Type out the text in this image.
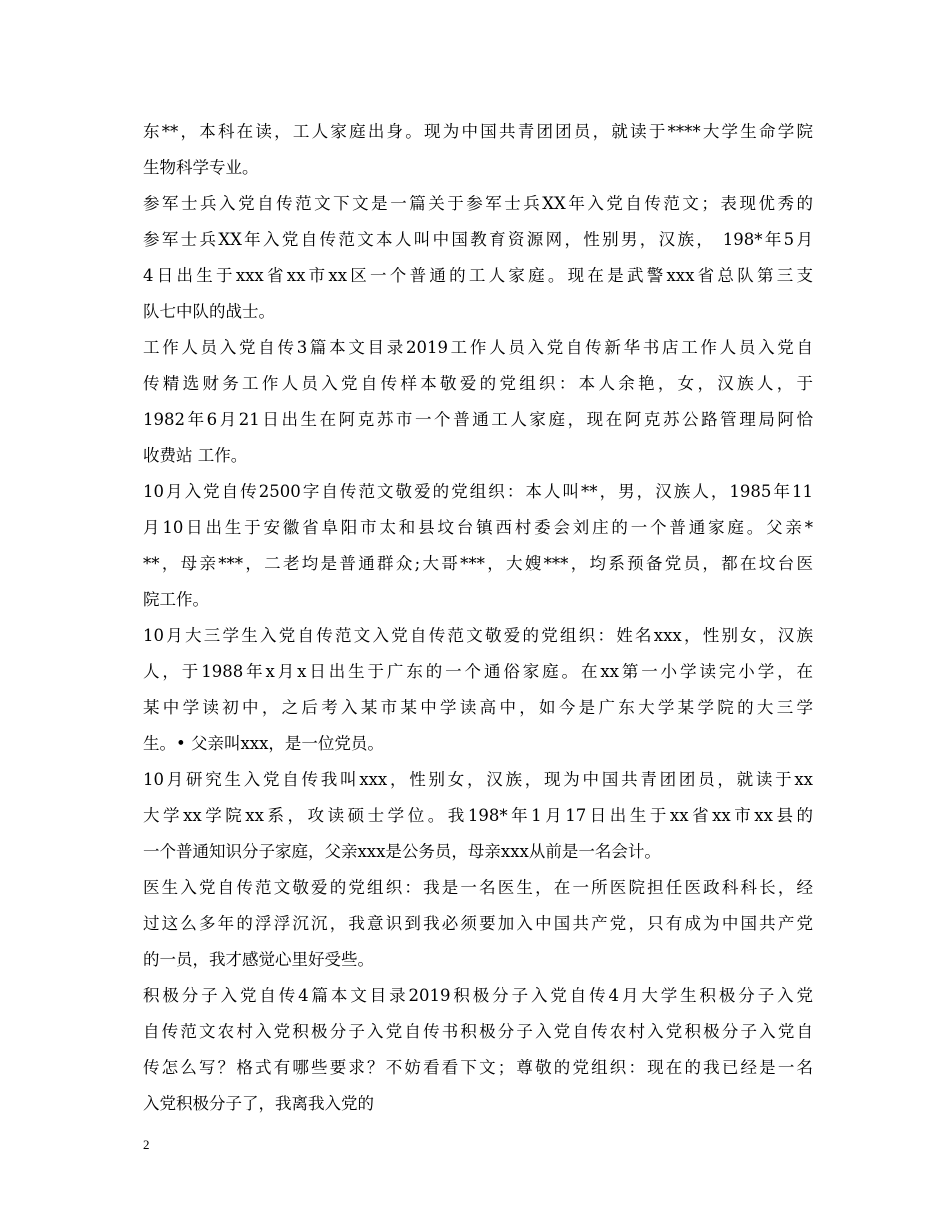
东**，本科在读，工人家庭出身。现为中国共青团团员，就读于****大学生命学院
生物科学专业。
参军士兵入党自传范文下文是一篇关于参军士兵XX年入党自传范文；表现优秀的
参军士兵XX年入党自传范文本人叫中国教育资源网，性别男，汉族， 198*年5月
4日出生于xxx省xx市xx区一个普通的工人家庭。现在是武警xxx省总队第三支
队七中队的战士。
工作人员入党自传3篇本文目录2019工作人员入党自传新华书店工作人员入党自
传精选财务工作人员入党自传样本敬爱的党组织：本人余艳，女，汉族人，于
1982年6月21日出生在阿克苏市一个普通工人家庭，现在阿克苏公路管理局阿恰
收费站 工作。
10月入党自传2500字自传范文敬爱的党组织：本人叫**，男，汉族人，1985年11
月10日出生于安徽省阜阳市太和县坟台镇西村委会刘庄的一个普通家庭。父亲*
**，母亲***，二老均是普通群众;大哥***，大嫂***，均系预备党员，都在坟台医
院工作。
10月大三学生入党自传范文入党自传范文敬爱的党组织：姓名xxx，性别女，汉族
人，于1988年x月x日出生于广东的一个通俗家庭。在xx第一小学读完小学，在
某中学读初中，之后考入某市某中学读高中，如今是广东大学某学院的大三学
生。• 父亲叫xxx，是一位党员。
10月研究生入党自传我叫xxx，性别女，汉族，现为中国共青团团员，就读于xx
大学xx学院xx系，攻读硕士学位。我198*年1月17日出生于xx省xx市xx县的
一个普通知识分子家庭，父亲xxx是公务员，母亲xxx从前是一名会计。
医生入党自传范文敬爱的党组织：我是一名医生，在一所医院担任医政科科长，经
过这么多年的浮浮沉沉，我意识到我必须要加入中国共产党，只有成为中国共产党
的一员，我才感觉心里好受些。
积极分子入党自传4篇本文目录2019积极分子入党自传4月大学生积极分子入党
自传范文农村入党积极分子入党自传书积极分子入党自传农村入党积极分子入党自
传怎么写？格式有哪些要求？不妨看看下文；尊敬的党组织：现在的我已经是一名
入党积极分子了，我离我入党的
2
